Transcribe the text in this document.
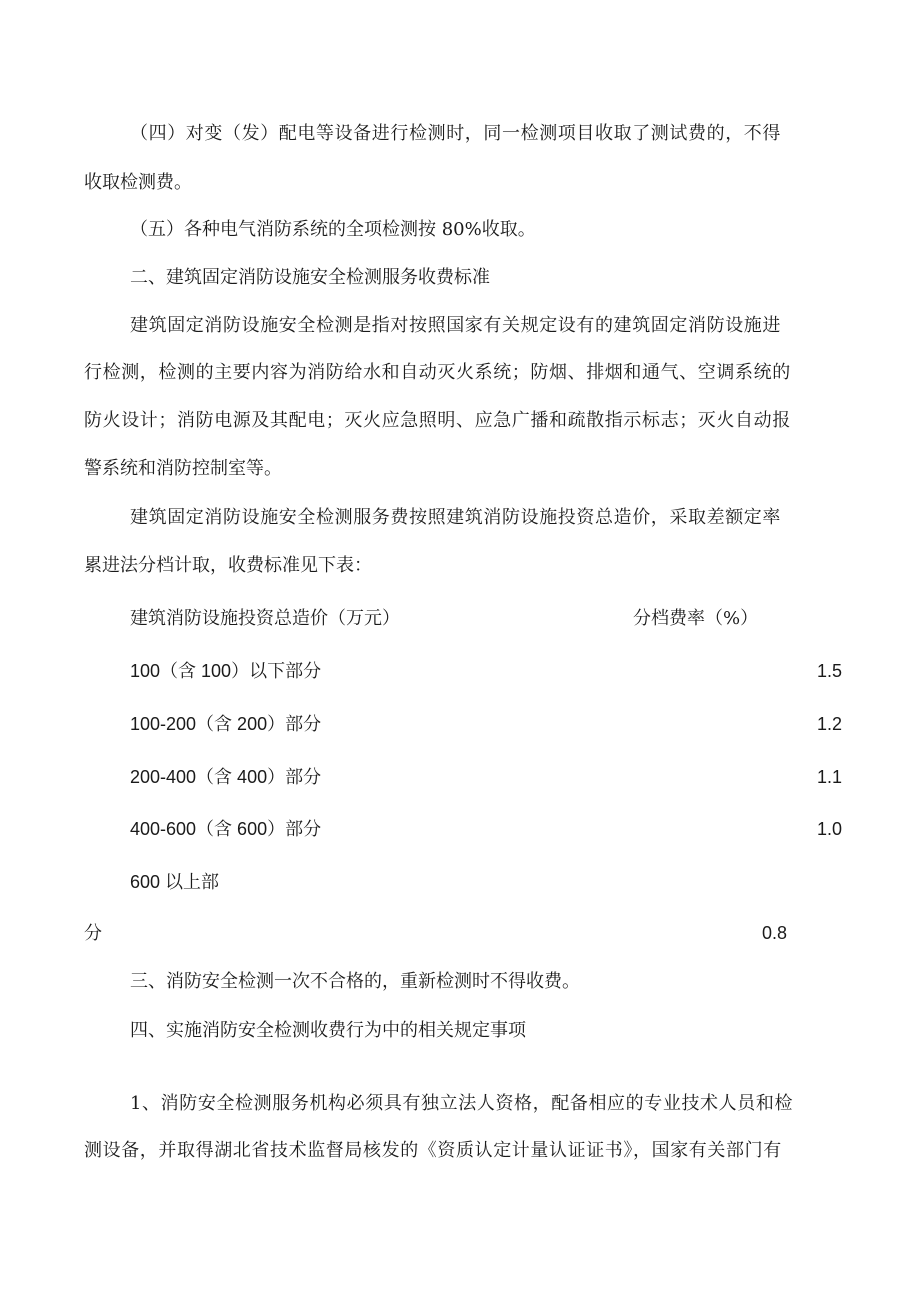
（四）对变（发）配电等设备进行检测时，同一检测项目收取了测试费的，不得
收取检测费。
（五）各种电气消防系统的全项检测按 80%收取。
二、建筑固定消防设施安全检测服务收费标准
建筑固定消防设施安全检测是指对按照国家有关规定设有的建筑固定消防设施进
行检测，检测的主要内容为消防给水和自动灭火系统；防烟、排烟和通气、空调系统的
防火设计；消防电源及其配电；灭火应急照明、应急广播和疏散指示标志；灭火自动报
警系统和消防控制室等。
建筑固定消防设施安全检测服务费按照建筑消防设施投资总造价，采取差额定率
累进法分档计取，收费标准见下表：
建筑消防设施投资总造价（万元）	分档费率（%）
100（含 100）以下部分	1.5
100-200（含 200）部分	1.2
200-400（含 400）部分	1.1
400-600（含 600）部分	1.0
600 以上部
分	0.8
三、消防安全检测一次不合格的，重新检测时不得收费。
四、实施消防安全检测收费行为中的相关规定事项
1、消防安全检测服务机构必须具有独立法人资格，配备相应的专业技术人员和检
测设备，并取得湖北省技术监督局核发的《资质认定计量认证证书》，国家有关部门有
